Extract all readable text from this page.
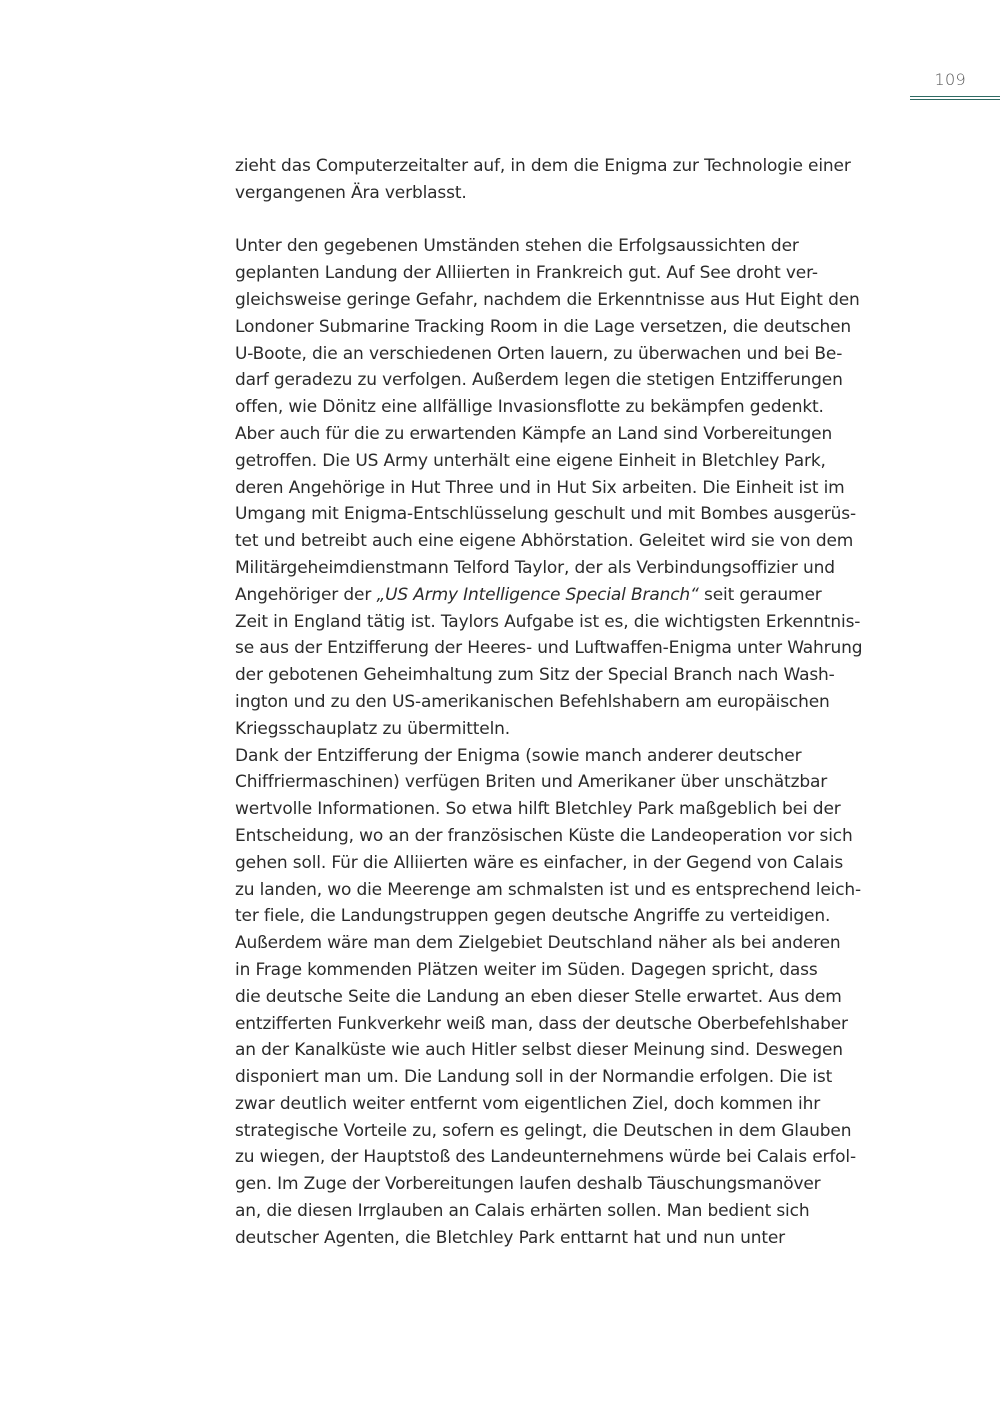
109
zieht das Computerzeitalter auf, in dem die Enigma zur Technologie einer
vergangenen Ära verblasst.
Unter den gegebenen Umständen stehen die Erfolgsaussichten der
geplanten Landung der Alliierten in Frankreich gut. Auf See droht ver-
gleichsweise geringe Gefahr, nachdem die Erkenntnisse aus Hut Eight den
Londoner Submarine Tracking Room in die Lage versetzen, die deutschen
U-Boote, die an verschiedenen Orten lauern, zu überwachen und bei Be-
darf geradezu zu verfolgen. Außerdem legen die stetigen Entzifferungen
offen, wie Dönitz eine allfällige Invasionsflotte zu bekämpfen gedenkt.
Aber auch für die zu erwartenden Kämpfe an Land sind Vorbereitungen
getroffen. Die US Army unterhält eine eigene Einheit in Bletchley Park,
deren Angehörige in Hut Three und in Hut Six arbeiten. Die Einheit ist im
Umgang mit Enigma-Entschlüsselung geschult und mit Bombes ausgerüs-
tet und betreibt auch eine eigene Abhörstation. Geleitet wird sie von dem
Militärgeheimdienstmann Telford Taylor, der als Verbindungsoffizier und
Angehöriger der „US Army Intelligence Special Branch“ seit geraumer
Zeit in England tätig ist. Taylors Aufgabe ist es, die wichtigsten Erkenntnis-
se aus der Entzifferung der Heeres- und Luftwaffen-Enigma unter Wahrung
der gebotenen Geheimhaltung zum Sitz der Special Branch nach Wash-
ington und zu den US-amerikanischen Befehlshabern am europäischen
Kriegsschauplatz zu übermitteln.
Dank der Entzifferung der Enigma (sowie manch anderer deutscher
Chiffriermaschinen) verfügen Briten und Amerikaner über unschätzbar
wertvolle Informationen. So etwa hilft Bletchley Park maßgeblich bei der
Entscheidung, wo an der französischen Küste die Landeoperation vor sich
gehen soll. Für die Alliierten wäre es einfacher, in der Gegend von Calais
zu landen, wo die Meerenge am schmalsten ist und es entsprechend leich-
ter fiele, die Landungstruppen gegen deutsche Angriffe zu verteidigen.
Außerdem wäre man dem Zielgebiet Deutschland näher als bei anderen
in Frage kommenden Plätzen weiter im Süden. Dagegen spricht, dass
die deutsche Seite die Landung an eben dieser Stelle erwartet. Aus dem
entzifferten Funkverkehr weiß man, dass der deutsche Oberbefehlshaber
an der Kanalküste wie auch Hitler selbst dieser Meinung sind. Deswegen
disponiert man um. Die Landung soll in der Normandie erfolgen. Die ist
zwar deutlich weiter entfernt vom eigentlichen Ziel, doch kommen ihr
strategische Vorteile zu, sofern es gelingt, die Deutschen in dem Glauben
zu wiegen, der Hauptstoß des Landeunternehmens würde bei Calais erfol-
gen. Im Zuge der Vorbereitungen laufen deshalb Täuschungsmanöver
an, die diesen Irrglauben an Calais erhärten sollen. Man bedient sich
deutscher Agenten, die Bletchley Park enttarnt hat und nun unter
